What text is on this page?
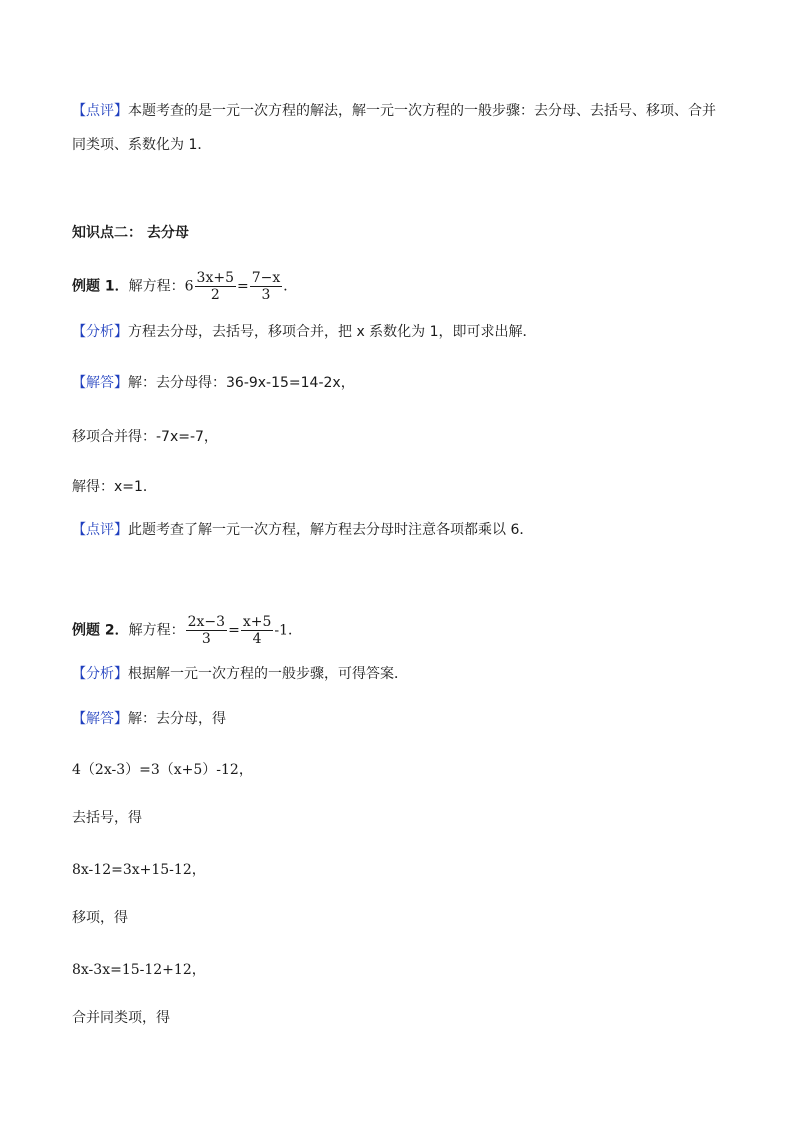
【点评】本题考查的是一元一次方程的解法，解一元一次方程的一般步骤：去分母、去括号、移项、合并
同类项、系数化为 1．
知识点二： 去分母
例题 1．解方程：$6 \frac{3x+5}{2} = \frac{7-x}{3}$ ．
【分析】方程去分母，去括号，移项合并，把 x 系数化为 1，即可求出解．
【解答】解：去分母得：36-9x-15=14-2x，
移项合并得：-7x=-7，
解得：x=1．
【点评】此题考查了解一元一次方程，解方程去分母时注意各项都乘以 6．
例题 2．解方程： $\frac{2x-3}{3} = \frac{x+5}{4} -1$．
【分析】根据解一元一次方程的一般步骤，可得答案．
【解答】解：去分母，得
4（2x-3）=3（x+5）-12，
去括号，得
8x-12=3x+15-12，
移项，得
8x-3x=15-12+12，
合并同类项，得
